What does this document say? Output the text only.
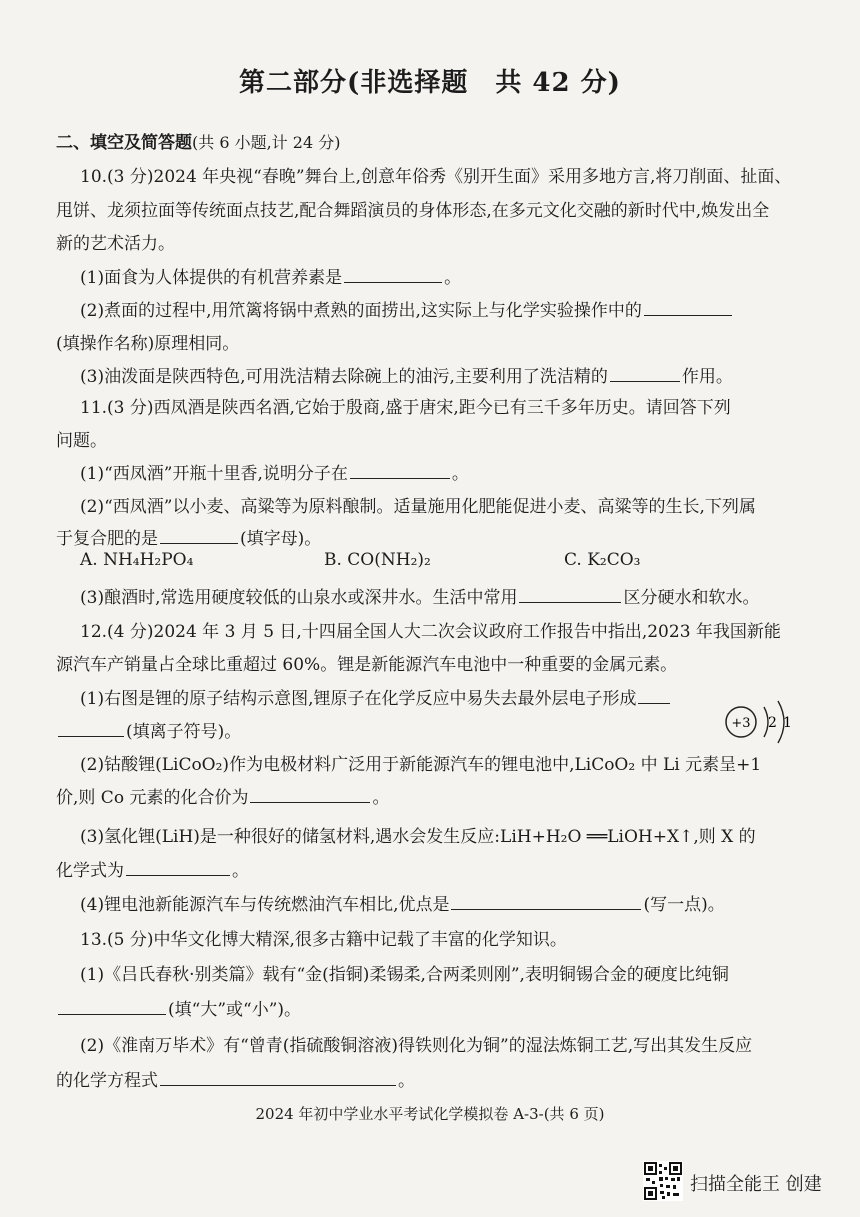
第二部分(非选择题　共 42 分)
二、填空及简答题(共 6 小题,计 24 分)
10.(3 分)2024 年央视“春晚”舞台上,创意年俗秀《别开生面》采用多地方言,将刀削面、扯面、
甩饼、龙须拉面等传统面点技艺,配合舞蹈演员的身体形态,在多元文化交融的新时代中,焕发出全
新的艺术活力。
(1)面食为人体提供的有机营养素是	。
(2)煮面的过程中,用笊篱将锅中煮熟的面捞出,这实际上与化学实验操作中的
(填操作名称)原理相同。
(3)油泼面是陕西特色,可用洗洁精去除碗上的油污,主要利用了洗洁精的	作用。
11.(3 分)西凤酒是陕西名酒,它始于殷商,盛于唐宋,距今已有三千多年历史。请回答下列
问题。
(1)“西凤酒”开瓶十里香,说明分子在	。
(2)“西凤酒”以小麦、高粱等为原料酿制。适量施用化肥能促进小麦、高粱等的生长,下列属
于复合肥的是	(填字母)。
A. NH₄H₂PO₄	B. CO(NH₂)₂	C. K₂CO₃
(3)酿酒时,常选用硬度较低的山泉水或深井水。生活中常用	区分硬水和软水。
12.(4 分)2024 年 3 月 5 日,十四届全国人大二次会议政府工作报告中指出,2023 年我国新能
源汽车产销量占全球比重超过 60%。锂是新能源汽车电池中一种重要的金属元素。
(1)右图是锂的原子结构示意图,锂原子在化学反应中易失去最外层电子形成
(填离子符号)。	+3 2 1
(2)钴酸锂(LiCoO₂)作为电极材料广泛用于新能源汽车的锂电池中,LiCoO₂ 中 Li 元素呈+1
价,则 Co 元素的化合价为	。
(3)氢化锂(LiH)是一种很好的储氢材料,遇水会发生反应:LiH+H₂O ══LiOH+X↑,则 X 的
化学式为	。
(4)锂电池新能源汽车与传统燃油汽车相比,优点是	(写一点)。
13.(5 分)中华文化博大精深,很多古籍中记载了丰富的化学知识。
(1)《吕氏春秋·别类篇》载有“金(指铜)柔锡柔,合两柔则刚”,表明铜锡合金的硬度比纯铜
(填“大”或“小”)。
(2)《淮南万毕术》有“曾青(指硫酸铜溶液)得铁则化为铜”的湿法炼铜工艺,写出其发生反应
的化学方程式	。
2024 年初中学业水平考试化学模拟卷 A-3-(共 6 页)
扫描全能王 创建
